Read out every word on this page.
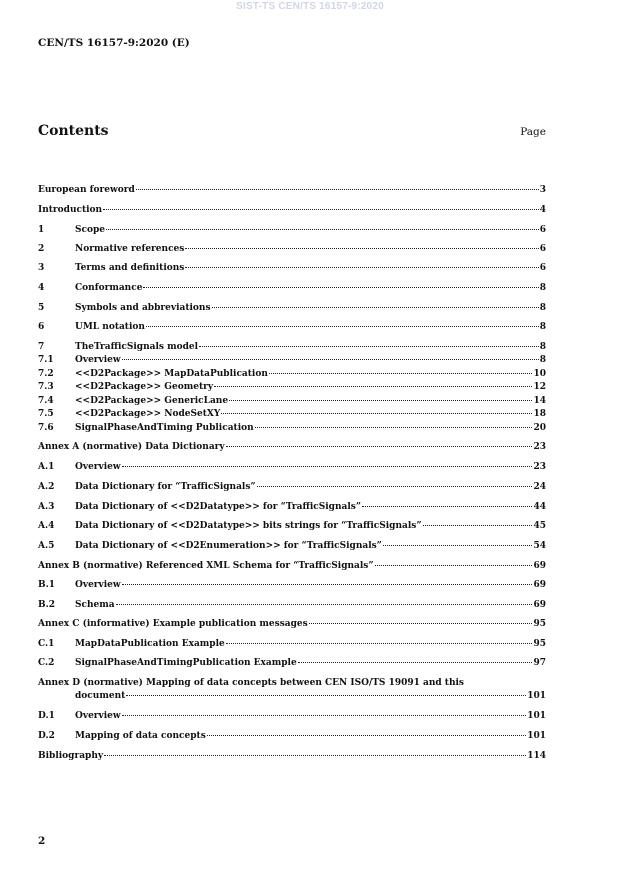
SIST-TS CEN/TS 16157-9:2020
CEN/TS 16157-9:2020 (E)
Contents	Page
European foreword	3
Introduction	4
1	Scope	6
2	Normative references	6
3	Terms and definitions	6
4	Conformance	8
5	Symbols and abbreviations	8
6	UML notation	8
7	TheTrafficSignals model	8
7.1 Overview	8
7.2 <<D2Package>> MapDataPublication	10
7.3 <<D2Package>> Geometry	12
7.4 <<D2Package>> GenericLane	14
7.5 <<D2Package>> NodeSetXY	18
7.6 SignalPhaseAndTiming Publication	20
Annex A (normative) Data Dictionary	23
A.1 Overview	23
A.2 Data Dictionary for “TrafficSignals”	24
A.3 Data Dictionary of <<D2Datatype>> for “TrafficSignals”	44
A.4 Data Dictionary of <<D2Datatype>> bits strings for “TrafficSignals”	45
A.5 Data Dictionary of <<D2Enumeration>> for “TrafficSignals”	54
Annex B (normative) Referenced XML Schema for “TrafficSignals”	69
B.1 Overview	69
B.2 Schema	69
Annex C (informative) Example publication messages	95
C.1 MapDataPublication Example	95
C.2 SignalPhaseAndTimingPublication Example	97
Annex D (normative) Mapping of data concepts between CEN ISO/TS 19091 and this
document	101
D.1 Overview	101
D.2 Mapping of data concepts	101
Bibliography	114
2
